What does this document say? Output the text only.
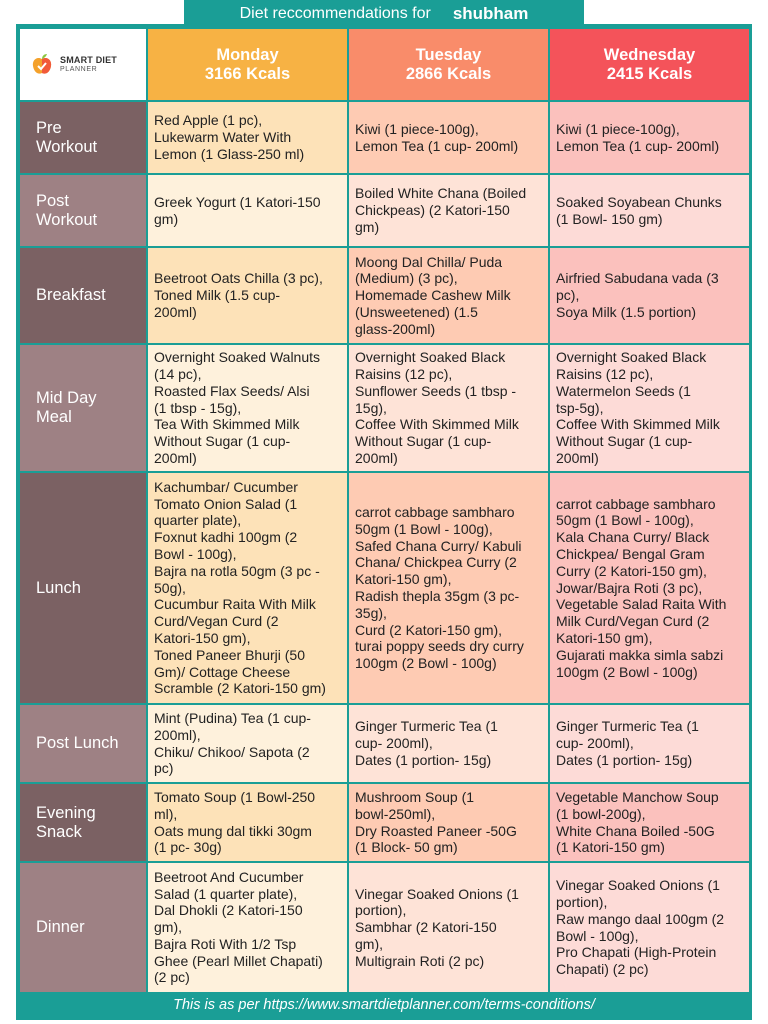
Diet reccommendations for shubham
SMART DIET
PLANNER
Monday
3166 Kcals
Tuesday
2866 Kcals
Wednesday
2415 Kcals
Pre
Workout
Red Apple (1 pc),
Lukewarm Water With
Lemon (1 Glass-250 ml)
Kiwi (1 piece-100g),
Lemon Tea (1 cup- 200ml)
Kiwi (1 piece-100g),
Lemon Tea (1 cup- 200ml)
Post
Workout
Greek Yogurt (1 Katori-150
gm)
Boiled White Chana (Boiled
Chickpeas) (2 Katori-150
gm)
Soaked Soyabean Chunks
(1 Bowl- 150 gm)
Breakfast
Beetroot Oats Chilla (3 pc),
Toned Milk (1.5 cup-
200ml)
Moong Dal Chilla/ Puda
(Medium) (3 pc),
Homemade Cashew Milk
(Unsweetened) (1.5
glass-200ml)
Airfried Sabudana vada (3
pc),
Soya Milk (1.5 portion)
Mid Day
Meal
Overnight Soaked Walnuts
(14 pc),
Roasted Flax Seeds/ Alsi
(1 tbsp - 15g),
Tea With Skimmed Milk
Without Sugar (1 cup-
200ml)
Overnight Soaked Black
Raisins (12 pc),
Sunflower Seeds (1 tbsp -
15g),
Coffee With Skimmed Milk
Without Sugar (1 cup-
200ml)
Overnight Soaked Black
Raisins (12 pc),
Watermelon Seeds (1
tsp-5g),
Coffee With Skimmed Milk
Without Sugar (1 cup-
200ml)
Lunch
Kachumbar/ Cucumber
Tomato Onion Salad (1
quarter plate),
Foxnut kadhi 100gm (2
Bowl - 100g),
Bajra na rotla 50gm (3 pc -
50g),
Cucumbur Raita With Milk
Curd/Vegan Curd (2
Katori-150 gm),
Toned Paneer Bhurji (50
Gm)/ Cottage Cheese
Scramble (2 Katori-150 gm)
carrot cabbage sambharo
50gm (1 Bowl - 100g),
Safed Chana Curry/ Kabuli
Chana/ Chickpea Curry (2
Katori-150 gm),
Radish thepla 35gm (3 pc-
35g),
Curd (2 Katori-150 gm),
turai poppy seeds dry curry
100gm (2 Bowl - 100g)
carrot cabbage sambharo
50gm (1 Bowl - 100g),
Kala Chana Curry/ Black
Chickpea/ Bengal Gram
Curry (2 Katori-150 gm),
Jowar/Bajra Roti (3 pc),
Vegetable Salad Raita With
Milk Curd/Vegan Curd (2
Katori-150 gm),
Gujarati makka simla sabzi
100gm (2 Bowl - 100g)
Post Lunch
Mint (Pudina) Tea (1 cup-
200ml),
Chiku/ Chikoo/ Sapota (2
pc)
Ginger Turmeric Tea (1
cup- 200ml),
Dates (1 portion- 15g)
Ginger Turmeric Tea (1
cup- 200ml),
Dates (1 portion- 15g)
Evening
Snack
Tomato Soup (1 Bowl-250
ml),
Oats mung dal tikki 30gm
(1 pc- 30g)
Mushroom Soup (1
bowl-250ml),
Dry Roasted Paneer -50G
(1 Block- 50 gm)
Vegetable Manchow Soup
(1 bowl-200g),
White Chana Boiled -50G
(1 Katori-150 gm)
Dinner
Beetroot And Cucumber
Salad (1 quarter plate),
Dal Dhokli (2 Katori-150
gm),
Bajra Roti With 1/2 Tsp
Ghee (Pearl Millet Chapati)
(2 pc)
Vinegar Soaked Onions (1
portion),
Sambhar (2 Katori-150
gm),
Multigrain Roti (2 pc)
Vinegar Soaked Onions (1
portion),
Raw mango daal 100gm (2
Bowl - 100g),
Pro Chapati (High-Protein
Chapati) (2 pc)
This is as per https://www.smartdietplanner.com/terms-conditions/
